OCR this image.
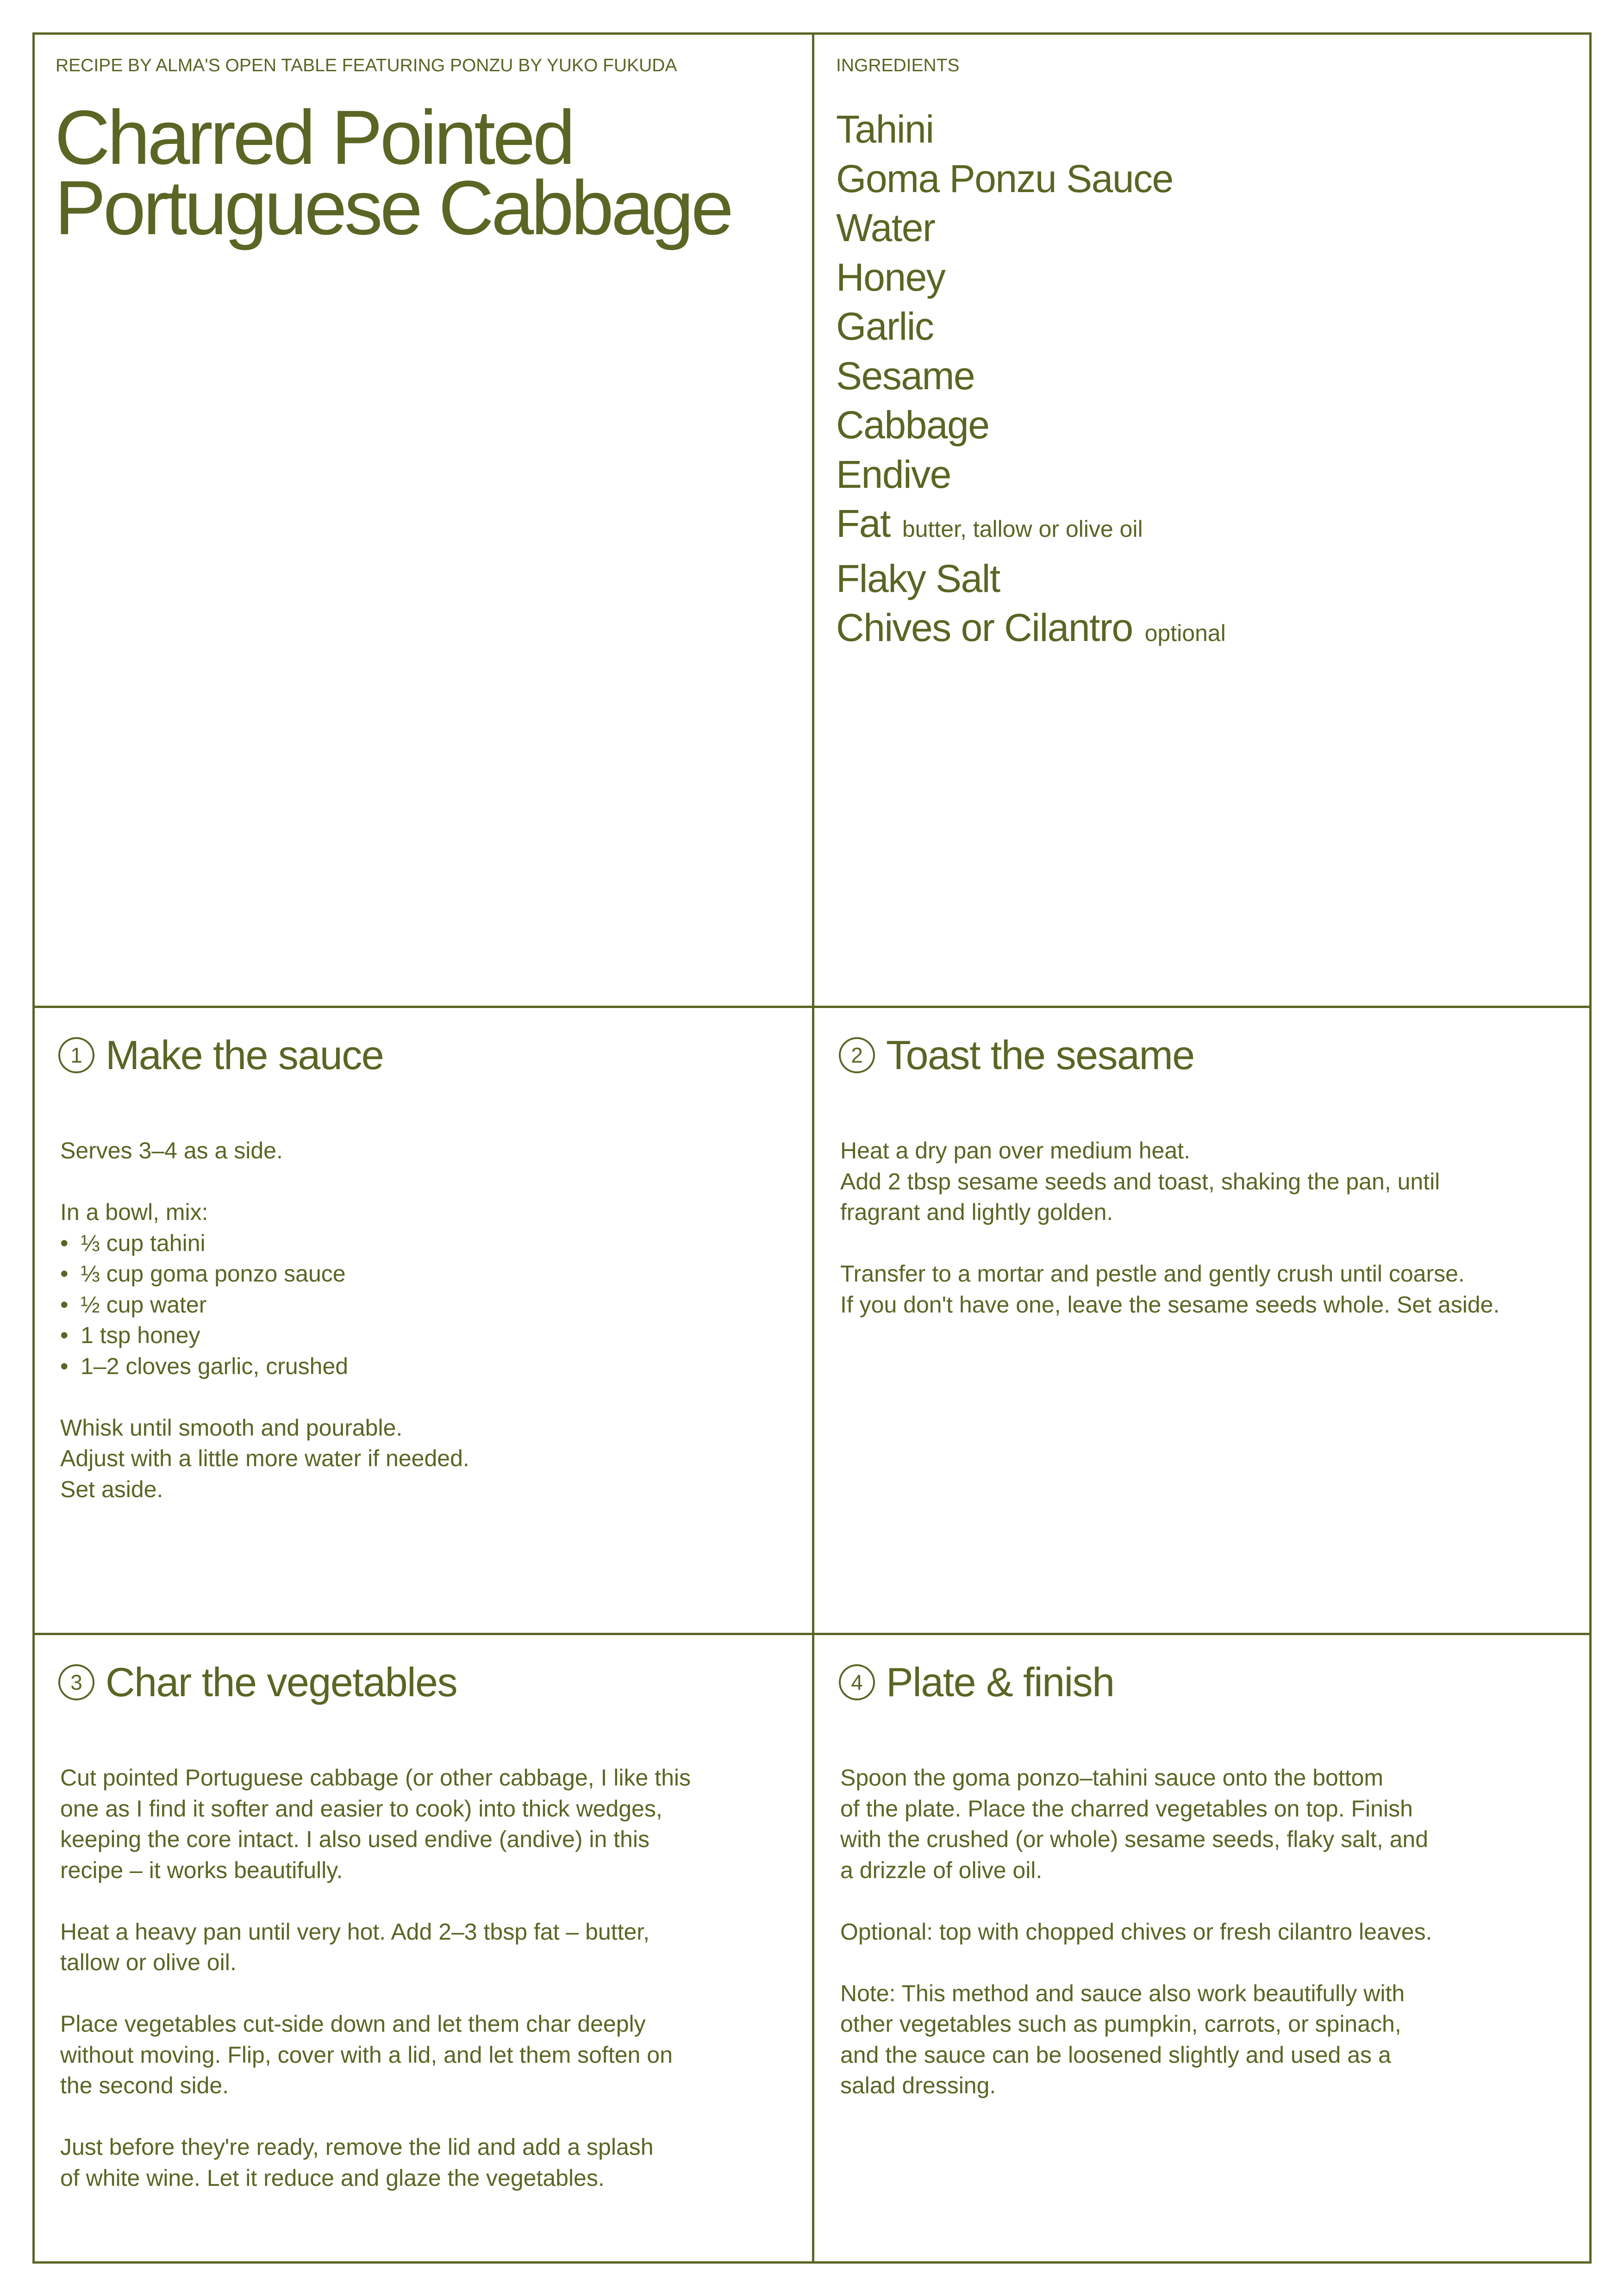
RECIPE BY ALMA'S OPEN TABLE FEATURING PONZU BY YUKO FUKUDA
Charred Pointed
Portuguese Cabbage
INGREDIENTS
Tahini
Goma Ponzu Sauce
Water
Honey
Garlic
Sesame
Cabbage
Endive
Fat butter, tallow or olive oil
Flaky Salt
Chives or Cilantro optional
1 Make the sauce

Serves 3–4 as a side.

In a bowl, mix:

• ⅓ cup tahini
• ⅓ cup goma ponzo sauce
• ½ cup water
• 1 tsp honey
• 1–2 cloves garlic, crushed

Whisk until smooth and pourable.
Adjust with a little more water if needed.
Set aside.

2 Toast the sesame

Heat a dry pan over medium heat.
Add 2 tbsp sesame seeds and toast, shaking the pan, until
fragrant and lightly golden.

Transfer to a mortar and pestle and gently crush until coarse.
If you don't have one, leave the sesame seeds whole. Set aside.

3 Char the vegetables

Cut pointed Portuguese cabbage (or other cabbage, I like this
one as I find it softer and easier to cook) into thick wedges,
keeping the core intact. I also used endive (andive) in this
recipe – it works beautifully.

Heat a heavy pan until very hot. Add 2–3 tbsp fat – butter,
tallow or olive oil.

Place vegetables cut-side down and let them char deeply
without moving. Flip, cover with a lid, and let them soften on
the second side.

Just before they're ready, remove the lid and add a splash
of white wine. Let it reduce and glaze the vegetables.

4 Plate & finish

Spoon the goma ponzo–tahini sauce onto the bottom
of the plate. Place the charred vegetables on top. Finish
with the crushed (or whole) sesame seeds, flaky salt, and
a drizzle of olive oil.

Optional: top with chopped chives or fresh cilantro leaves.

Note: This method and sauce also work beautifully with
other vegetables such as pumpkin, carrots, or spinach,
and the sauce can be loosened slightly and used as a
salad dressing.
